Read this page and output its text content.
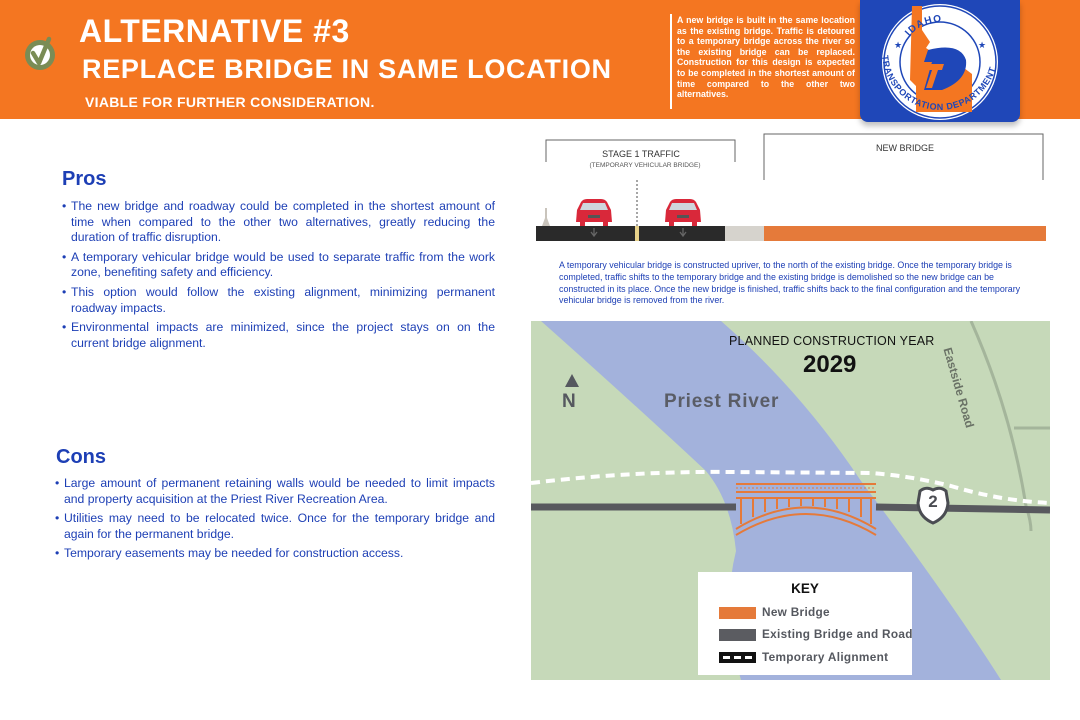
ALTERNATIVE #3
REPLACE BRIDGE IN SAME LOCATION
VIABLE FOR FURTHER CONSIDERATION.
A new bridge is built in the same location as the existing bridge. Traffic is detoured to a temporary bridge across the river so the existing bridge can be replaced. Construction for this design is expected to be completed in the shortest amount of time compared to the other two alternatives.
IDAHO
TRANSPORTATION DEPARTMENT
★	★
Pros
• The new bridge and roadway could be completed in the shortest amount of time when compared to the other two alternatives, greatly reducing the duration of traffic disruption.
• A temporary vehicular bridge would be used to separate traffic from the work zone, benefiting safety and efficiency.
• This option would follow the existing alignment, minimizing permanent roadway impacts.
• Environmental impacts are minimized, since the project stays on on the current bridge alignment.
Cons
• Large amount of permanent retaining walls would be needed to limit impacts and property acquisition at the Priest River Recreation Area.
• Utilities may need to be relocated twice. Once for the temporary bridge and again for the permanent bridge.
• Temporary easements may be needed for construction access.
STAGE 1 TRAFFIC
(TEMPORARY VEHICULAR BRIDGE)
NEW BRIDGE
A temporary vehicular bridge is constructed upriver, to the north of the existing bridge. Once the temporary bridge is completed, traffic shifts to the temporary bridge and the existing bridge is demolished so the new bridge can be constructed in its place. Once the new bridge is finished, traffic shifts back to the final configuration and the temporary vehicular bridge is removed from the river.
N
PLANNED CONSTRUCTION YEAR
2029
Priest River	Eastside Road
2
KEY
New Bridge
Existing Bridge and Road
Temporary Alignment
